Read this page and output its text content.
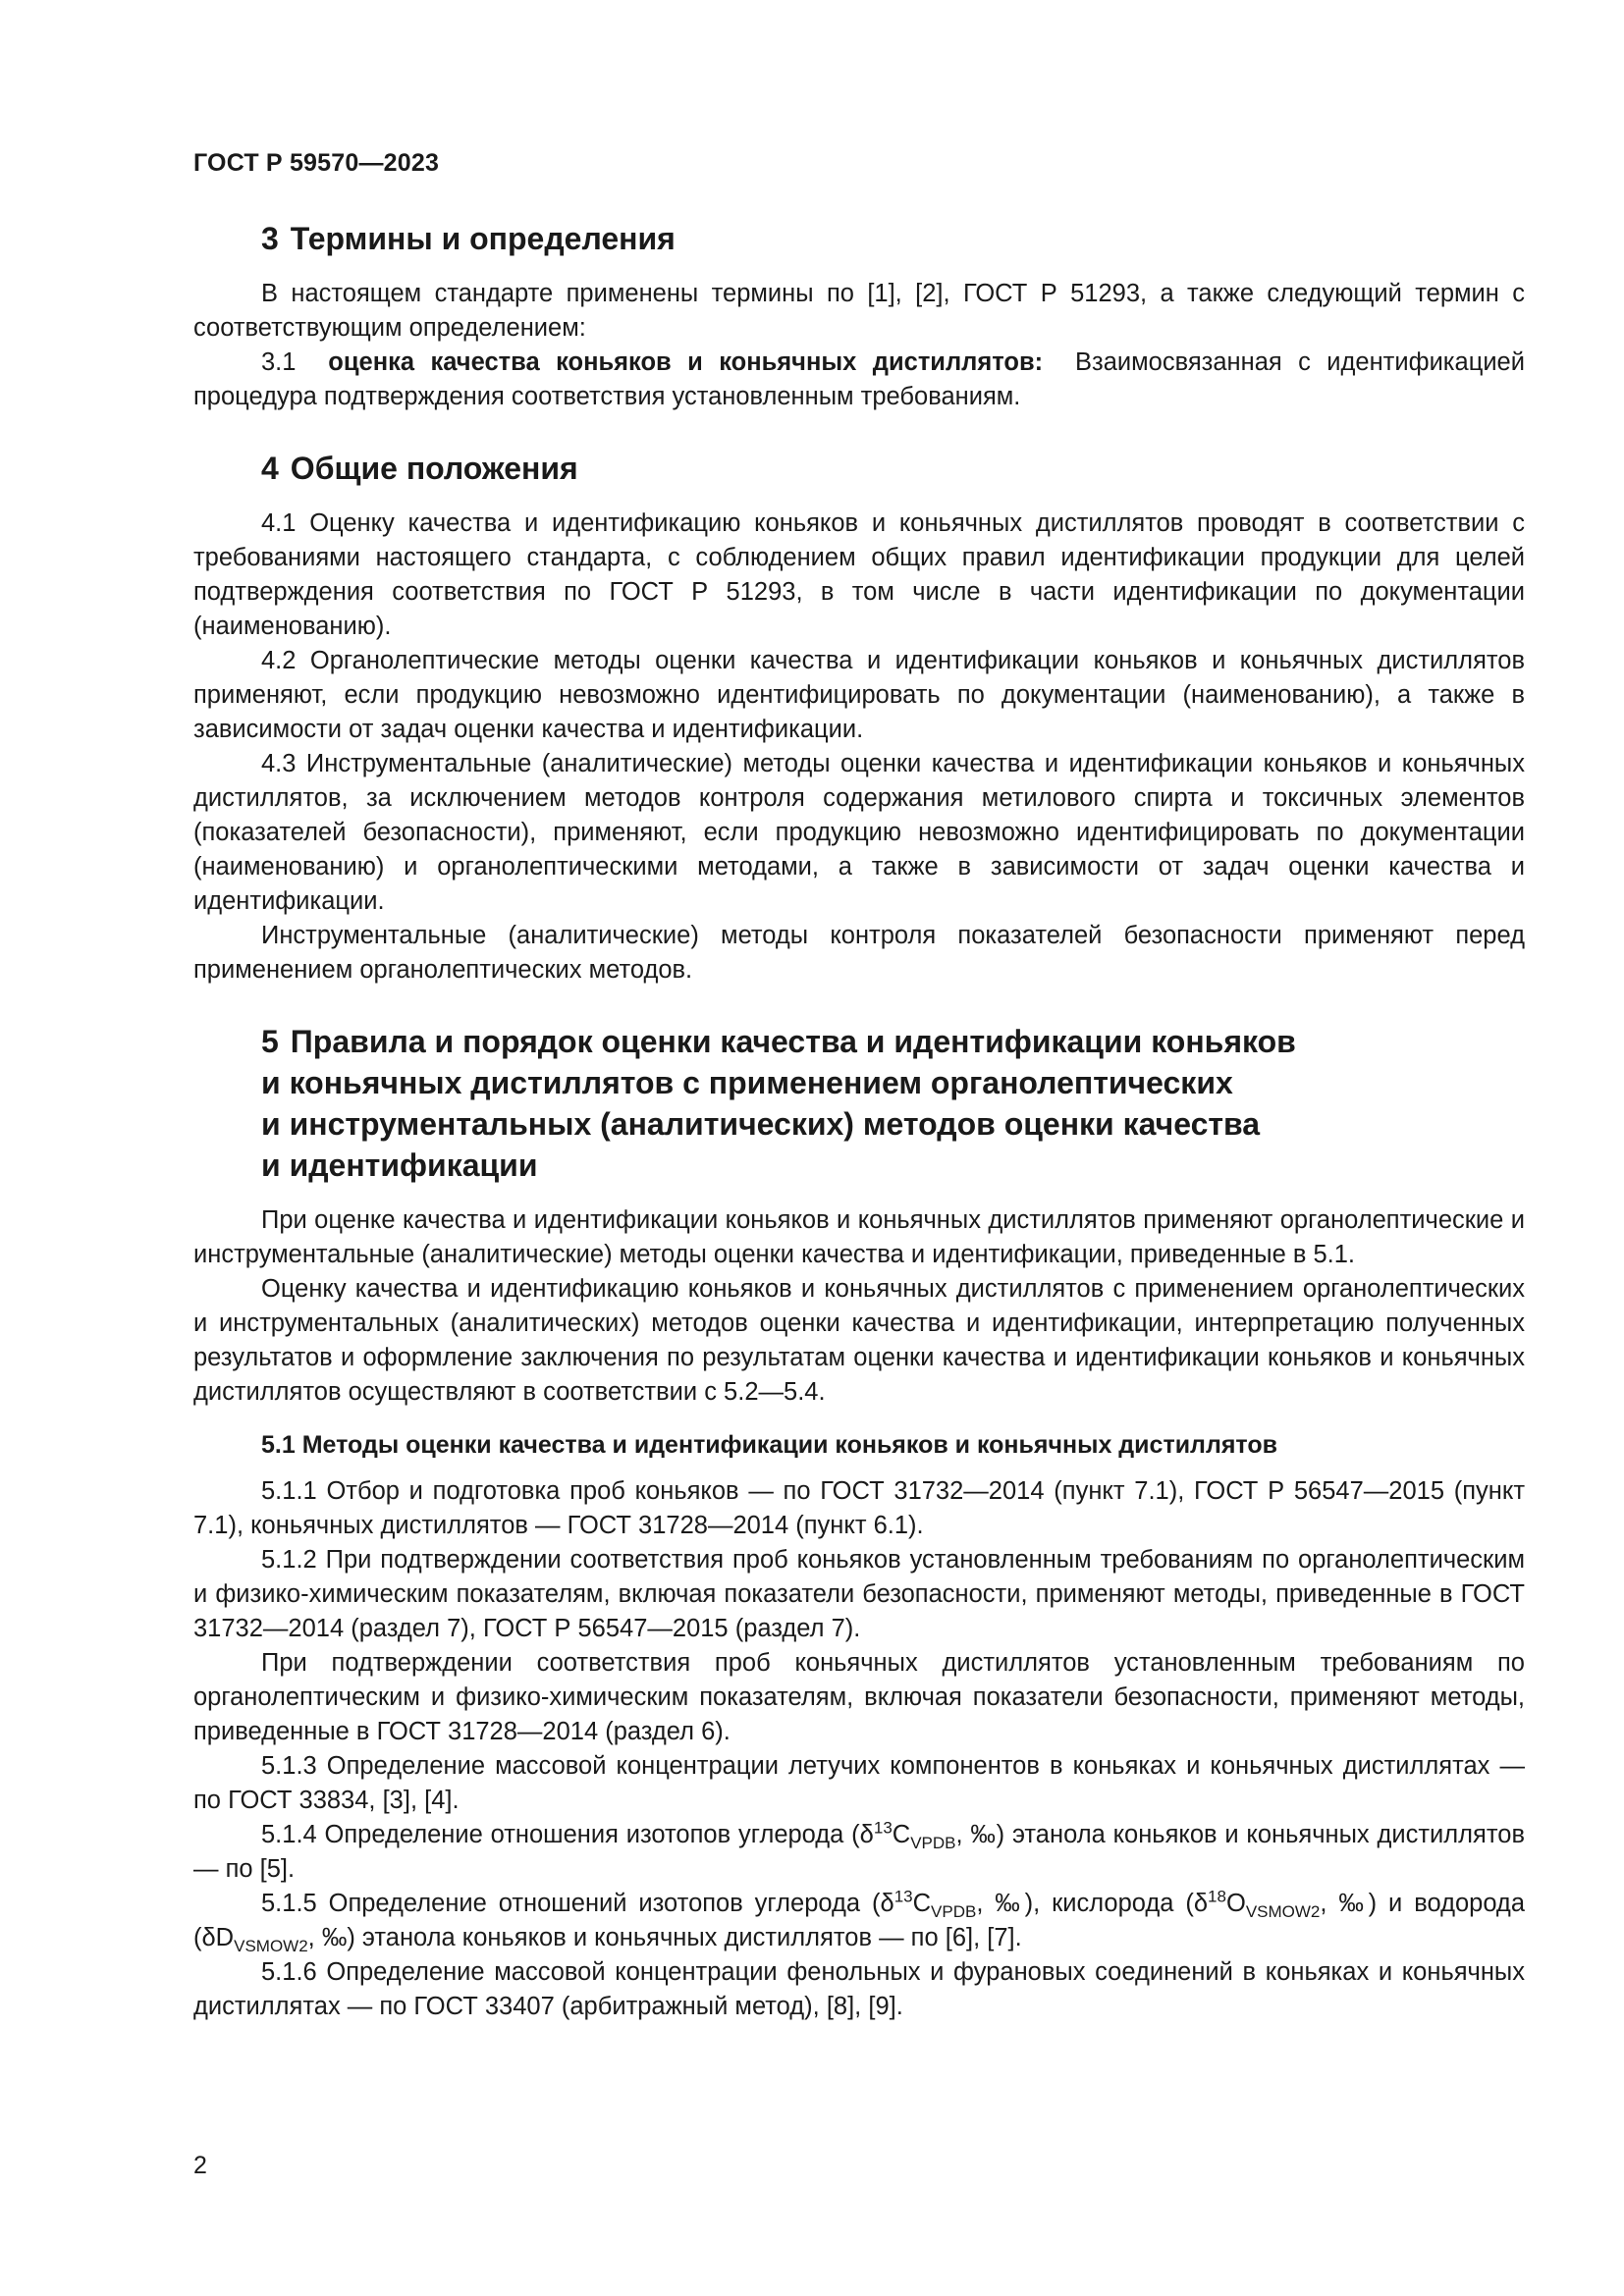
ГОСТ Р 59570—2023
3 Термины и определения

В настоящем стандарте применены термины по [1], [2], ГОСТ Р 51293, а также следующий термин с соответствующим определением:

3.1 оценка качества коньяков и коньячных дистиллятов: Взаимосвязанная с идентификацией процедура подтверждения соответствия установленным требованиям.

4 Общие положения

4.1 Оценку качества и идентификацию коньяков и коньячных дистиллятов проводят в соответствии с требованиями настоящего стандарта, с соблюдением общих правил идентификации продукции для целей подтверждения соответствия по ГОСТ Р 51293, в том числе в части идентификации по документации (наименованию).

4.2 Органолептические методы оценки качества и идентификации коньяков и коньячных дистиллятов применяют, если продукцию невозможно идентифицировать по документации (наименованию), а также в зависимости от задач оценки качества и идентификации.

4.3 Инструментальные (аналитические) методы оценки качества и идентификации коньяков и коньячных дистиллятов, за исключением методов контроля содержания метилового спирта и токсичных элементов (показателей безопасности), применяют, если продукцию невозможно идентифицировать по документации (наименованию) и органолептическими методами, а также в зависимости от задач оценки качества и идентификации.

Инструментальные (аналитические) методы контроля показателей безопасности применяют перед применением органолептических методов.

5 Правила и порядок оценки качества и идентификации коньяков
и коньячных дистиллятов с применением органолептических
и инструментальных (аналитических) методов оценки качества
и идентификации

При оценке качества и идентификации коньяков и коньячных дистиллятов применяют органолептические и инструментальные (аналитические) методы оценки качества и идентификации, приведенные в 5.1.

Оценку качества и идентификацию коньяков и коньячных дистиллятов с применением органолептических и инструментальных (аналитических) методов оценки качества и идентификации, интерпретацию полученных результатов и оформление заключения по результатам оценки качества и идентификации коньяков и коньячных дистиллятов осуществляют в соответствии с 5.2—5.4.

5.1 Методы оценки качества и идентификации коньяков и коньячных дистиллятов

5.1.1 Отбор и подготовка проб коньяков — по ГОСТ 31732—2014 (пункт 7.1), ГОСТ Р 56547—2015 (пункт 7.1), коньячных дистиллятов — ГОСТ 31728—2014 (пункт 6.1).

5.1.2 При подтверждении соответствия проб коньяков установленным требованиям по органолептическим и физико-химическим показателям, включая показатели безопасности, применяют методы, приведенные в ГОСТ 31732—2014 (раздел 7), ГОСТ Р 56547—2015 (раздел 7).

При подтверждении соответствия проб коньячных дистиллятов установленным требованиям по органолептическим и физико-химическим показателям, включая показатели безопасности, применяют методы, приведенные в ГОСТ 31728—2014 (раздел 6).

5.1.3 Определение массовой концентрации летучих компонентов в коньяках и коньячных дистиллятах — по ГОСТ 33834, [3], [4].

5.1.4 Определение отношения изотопов углерода ($\delta^{13}C_{VPDB}$, ‰) этанола коньяков и коньячных дистиллятов — по [5].

5.1.5 Определение отношений изотопов углерода ($\delta^{13}C_{VPDB}$, ‰), кислорода ($\delta^{18}O_{VSMOW2}$, ‰) и водорода ($\delta D_{VSMOW2}$, ‰) этанола коньяков и коньячных дистиллятов — по [6], [7].

5.1.6 Определение массовой концентрации фенольных и фурановых соединений в коньяках и коньячных дистиллятах — по ГОСТ 33407 (арбитражный метод), [8], [9].

2
